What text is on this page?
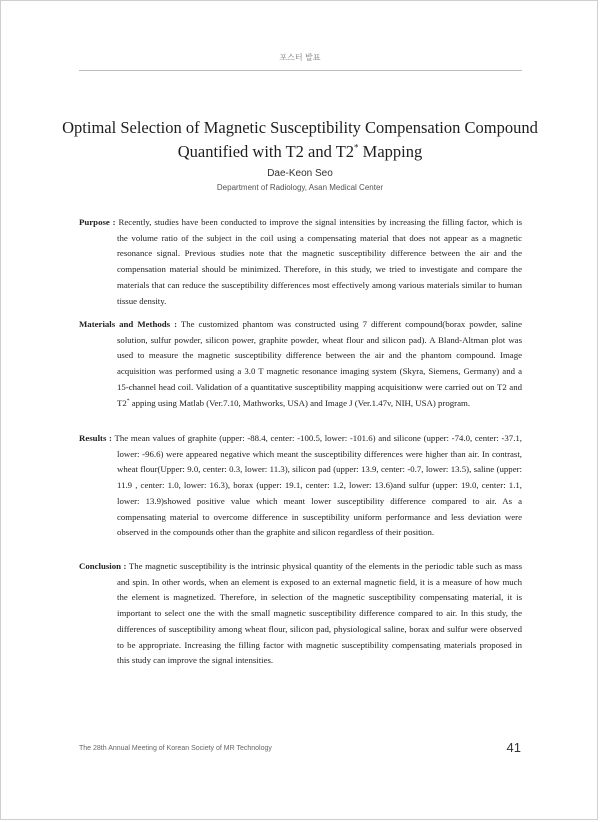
포스터 발표
Optimal Selection of Magnetic Susceptibility Compensation Compound
Quantified with T2 and T2* Mapping
Dae-Keon Seo
Department of Radiology, Asan Medical Center

Purpose : Recently, studies have been conducted to improve the signal intensities by increasing the filling factor, which is the volume ratio of the subject in the coil using a compensating material that does not appear as a magnetic resonance signal. Previous studies note that the magnetic susceptibility difference between the air and the compensation material should be minimized. Therefore, in this study, we tried to investigate and compare the materials that can reduce the susceptibility differences most effectively among various materials similar to human tissue density.

Materials and Methods : The customized phantom was constructed using 7 different compound(borax powder, saline solution, sulfur powder, silicon power, graphite powder, wheat flour and silicon pad). A Bland-Altman plot was used to measure the magnetic susceptibility difference between the air and the phantom compound. Image acquisition was performed using a 3.0 T magnetic resonance imaging system (Skyra, Siemens, Germany) and a 15-channel head coil. Validation of a quantitative susceptibility mapping acquisitionw were carried out on T2 and T2* apping using Matlab (Ver.7.10, Mathworks, USA) and Image J (Ver.1.47v, NIH, USA) program.

Results : The mean values of graphite (upper: -88.4, center: -100.5, lower: -101.6) and silicone (upper: -74.0, center: -37.1, lower: -96.6) were appeared negative which meant the susceptibility differences were higher than air. In contrast, wheat flour(Upper: 9.0, center: 0.3, lower: 11.3), silicon pad (upper: 13.9, center: -0.7, lower: 13.5), saline (upper: 11.9 , center: 1.0, lower: 16.3), borax (upper: 19.1, center: 1.2, lower: 13.6)and sulfur (upper: 19.0, center: 1.1, lower: 13.9)showed positive value which meant lower susceptibility difference compared to air. As a compensating material to overcome difference in susceptibility uniform performance and less deviation were observed in the compounds other than the graphite and silicon regardless of their position.

Conclusion : The magnetic susceptibility is the intrinsic physical quantity of the elements in the periodic table such as mass and spin. In other words, when an element is exposed to an external magnetic field, it is a measure of how much the element is magnetized. Therefore, in selection of the magnetic susceptibility compensating material, it is important to select one the with the small magnetic susceptibility difference compared to air. In this study, the differences of susceptibility among wheat flour, silicon pad, physiological saline, borax and sulfur were observed to be appropriate. Increasing the filling factor with magnetic susceptibility compensating materials proposed in this study can improve the signal intensities.

The 28th Annual Meeting of Korean Society of MR Technology	41
